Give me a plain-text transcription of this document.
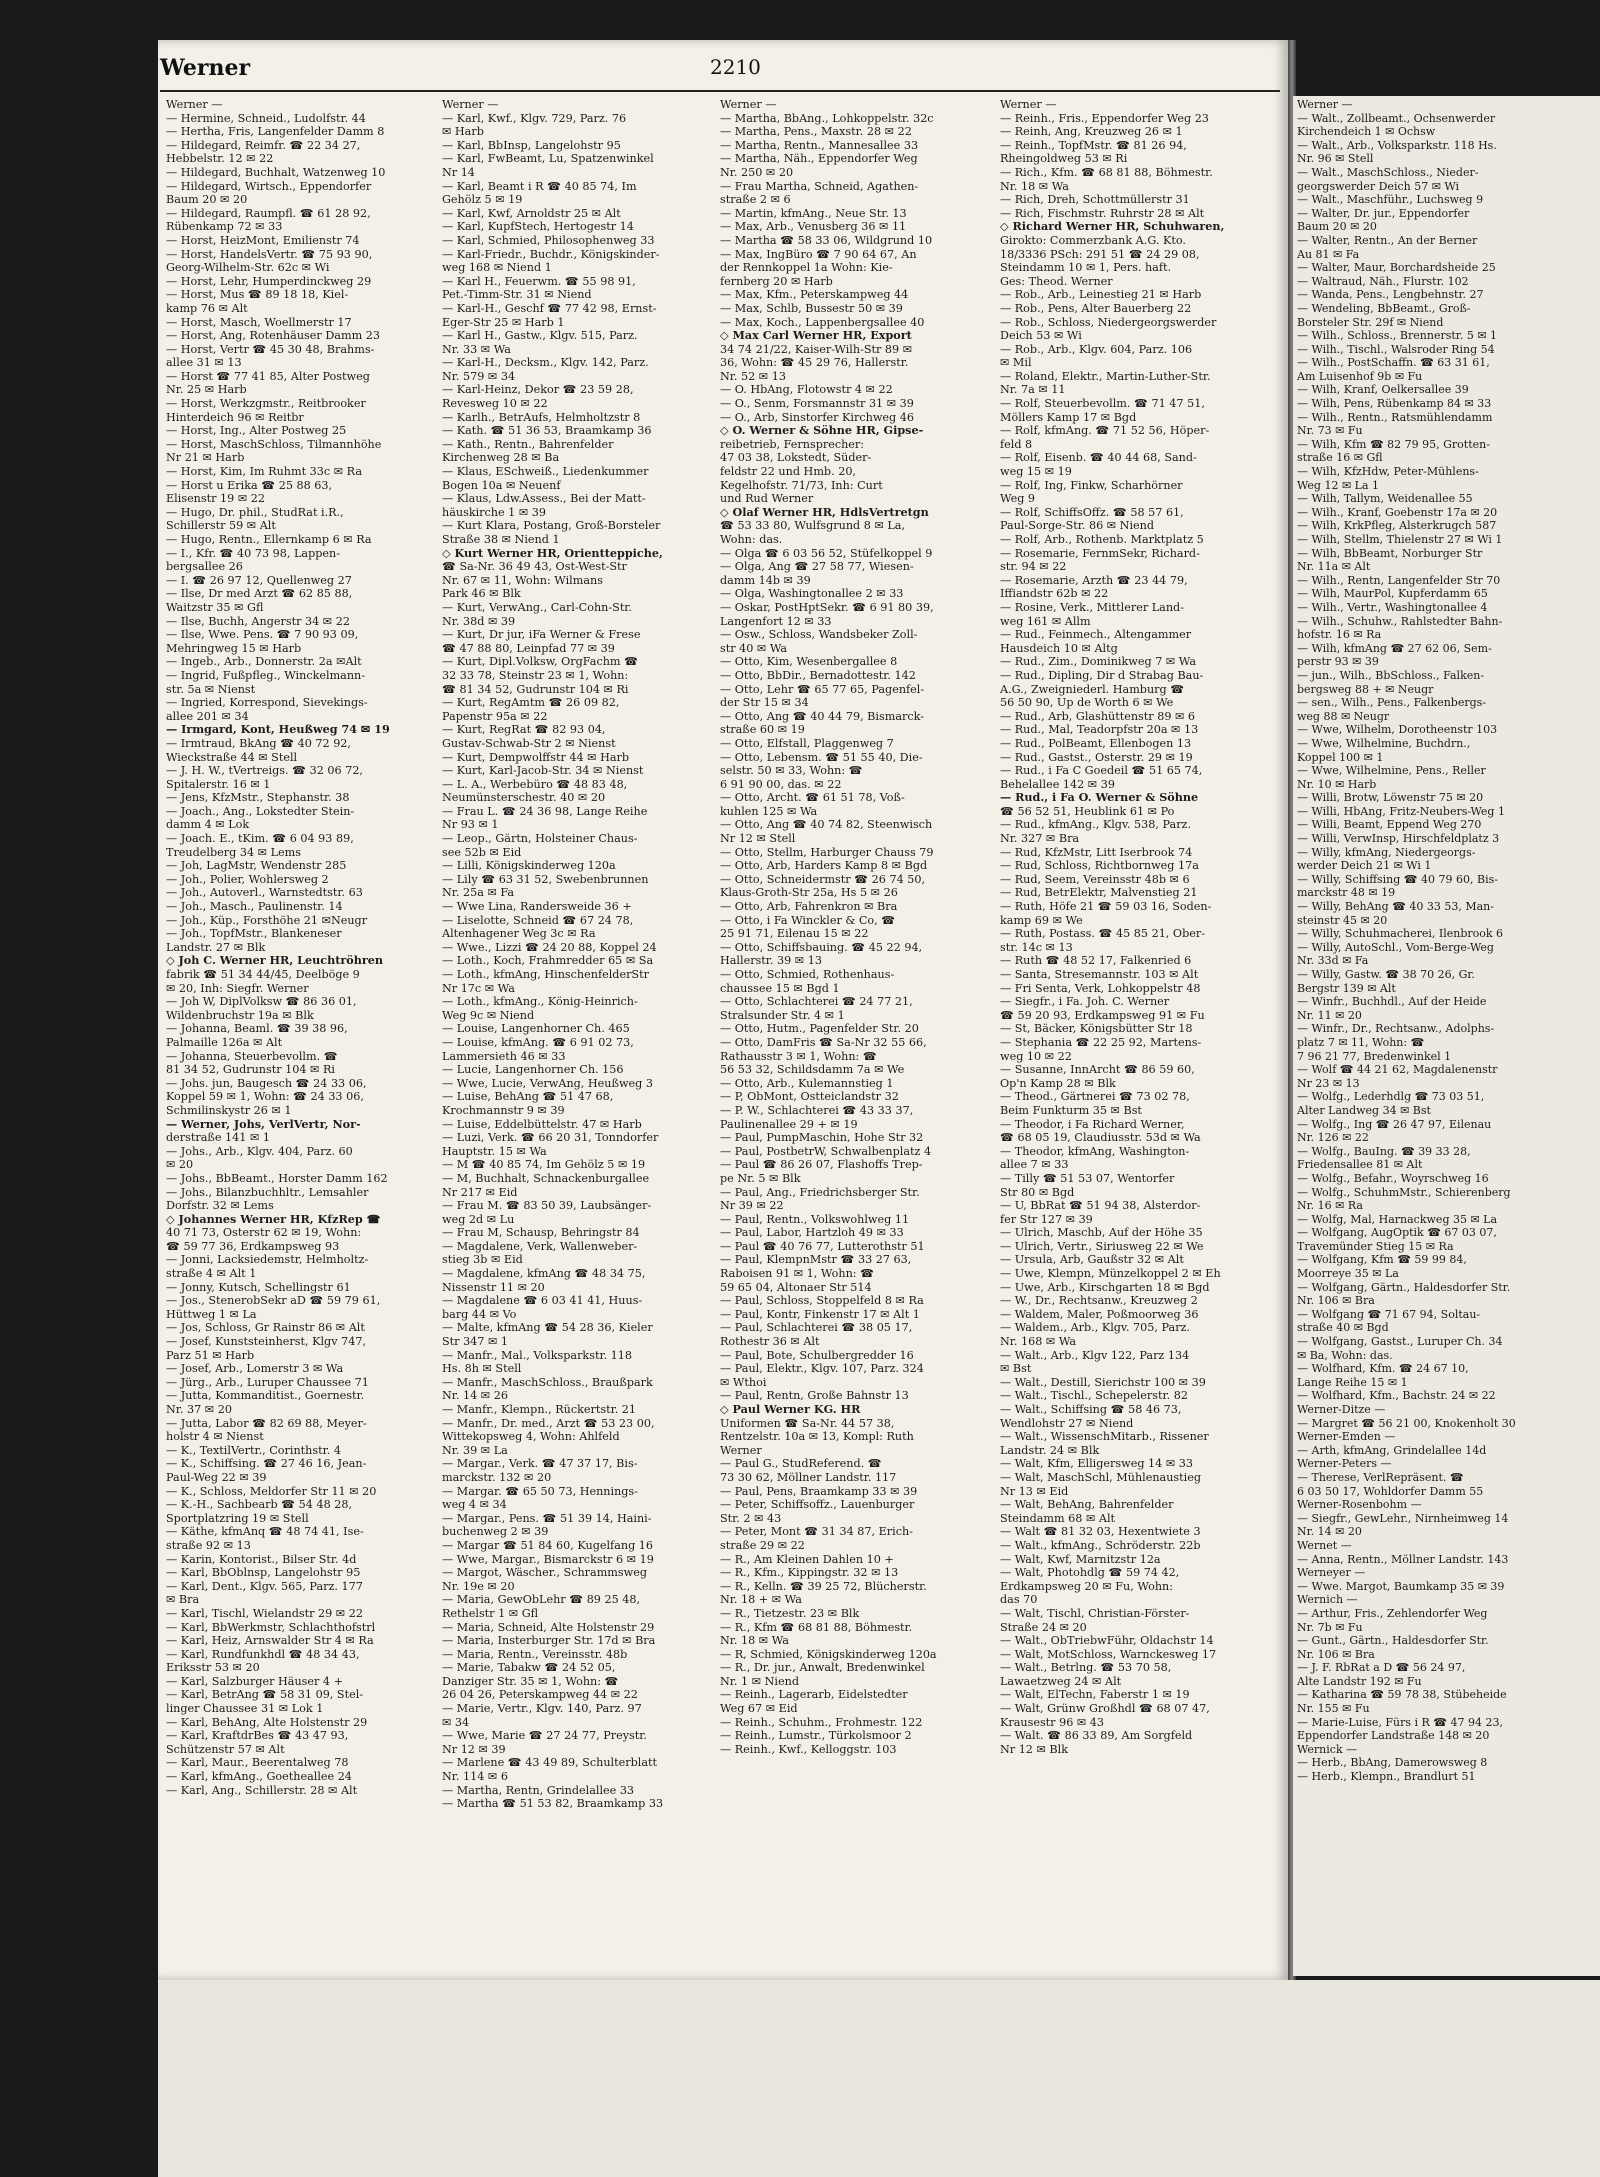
Werner	2210
Werner —
— Hermine, Schneid., Ludolfstr. 44
— Hertha, Fris, Langenfelder Damm 8
— Hildegard, Reimfr. ☎ 22 34 27,
Hebbelstr. 12 ✉ 22
— Hildegard, Buchhalt, Watzenweg 10
— Hildegard, Wirtsch., Eppendorfer
Baum 20 ✉ 20
— Hildegard, Raumpfl. ☎ 61 28 92,
Rübenkamp 72 ✉ 33
— Horst, HeizMont, Emilienstr 74
— Horst, HandelsVertr. ☎ 75 93 90,
Georg-Wilhelm-Str. 62c ✉ Wi
— Horst, Lehr, Humperdinckweg 29
— Horst, Mus ☎ 89 18 18, Kiel-
kamp 76 ✉ Alt
— Horst, Masch, Woellmerstr 17
— Horst, Ang, Rotenhäuser Damm 23
— Horst, Vertr ☎ 45 30 48, Brahms-
allee 31 ✉ 13
— Horst ☎ 77 41 85, Alter Postweg
Nr. 25 ✉ Harb
— Horst, Werkzgmstr., Reitbrooker
Hinterdeich 96 ✉ Reitbr
— Horst, Ing., Alter Postweg 25
— Horst, MaschSchloss, Tilmannhöhe
Nr 21 ✉ Harb
— Horst, Kim, Im Ruhmt 33c ✉ Ra
— Horst u Erika ☎ 25 88 63,
Elisenstr 19 ✉ 22
— Hugo, Dr. phil., StudRat i.R.,
Schillerstr 59 ✉ Alt
— Hugo, Rentn., Ellernkamp 6 ✉ Ra
— I., Kfr. ☎ 40 73 98, Lappen-
bergsallee 26
— I. ☎ 26 97 12, Quellenweg 27
— Ilse, Dr med Arzt ☎ 62 85 88,
Waitzstr 35 ✉ Gfl
— Ilse, Buchh, Angerstr 34 ✉ 22
— Ilse, Wwe. Pens. ☎ 7 90 93 09,
Mehringweg 15 ✉ Harb
— Ingeb., Arb., Donnerstr. 2a ✉Alt
— Ingrid, Fußpfleg., Winckelmann-
str. 5a ✉ Nienst
— Ingried, Korrespond, Sievekings-
allee 201 ✉ 34
— Irmgard, Kont, Heußweg 74 ✉ 19
— Irmtraud, BkAng ☎ 40 72 92,
Wieckstraße 44 ✉ Stell
— J. H. W., tVertreigs. ☎ 32 06 72,
Spitalerstr. 16 ✉ 1
— Jens, KfzMstr., Stephanstr. 38
— Joach., Ang., Lokstedter Stein-
damm 4 ✉ Lok
— Joach. E., tKim. ☎ 6 04 93 89,
Treudelberg 34 ✉ Lems
— Joh, LagMstr, Wendenstr 285
— Joh., Polier, Wohlersweg 2
— Joh., Autoverl., Warnstedtstr. 63
— Joh., Masch., Paulinenstr. 14
— Joh., Küp., Forsthöhe 21 ✉Neugr
— Joh., TopfMstr., Blankeneser
Landstr. 27 ✉ Blk
◇ Joh C. Werner HR, Leuchtröhren
fabrik ☎ 51 34 44/45, Deelböge 9
✉ 20, Inh: Siegfr. Werner
— Joh W, DiplVolksw ☎ 86 36 01,
Wildenbruchstr 19a ✉ Blk
— Johanna, Beaml. ☎ 39 38 96,
Palmaille 126a ✉ Alt
— Johanna, Steuerbevollm. ☎
81 34 52, Gudrunstr 104 ✉ Ri
— Johs. jun, Baugesch ☎ 24 33 06,
Koppel 59 ✉ 1, Wohn: ☎ 24 33 06,
Schmilinskystr 26 ✉ 1
— Werner, Johs, VerlVertr, Nor-
derstraße 141 ✉ 1
— Johs., Arb., Klgv. 404, Parz. 60
✉ 20
— Johs., BbBeamt., Horster Damm 162
— Johs., Bilanzbuchhltr., Lemsahler
Dorfstr. 32 ✉ Lems
◇ Johannes Werner HR, KfzRep ☎
40 71 73, Osterstr 62 ✉ 19, Wohn:
☎ 59 77 36, Erdkampsweg 93
— Jonni, Lacksiedemstr, Helmholtz-
straße 4 ✉ Alt 1
— Jonny, Kutsch, Schellingstr 61
— Jos., StenerobSekr aD ☎ 59 79 61,
Hüttweg 1 ✉ La
— Jos, Schloss, Gr Rainstr 86 ✉ Alt
— Josef, Kunststeinherst, Klgv 747,
Parz 51 ✉ Harb
— Josef, Arb., Lomerstr 3 ✉ Wa
— Jürg., Arb., Luruper Chaussee 71
— Jutta, Kommanditist., Goernestr.
Nr. 37 ✉ 20
— Jutta, Labor ☎ 82 69 88, Meyer-
holstr 4 ✉ Nienst
— K., TextilVertr., Corinthstr. 4
— K., Schiffsing. ☎ 27 46 16, Jean-
Paul-Weg 22 ✉ 39
— K., Schloss, Meldorfer Str 11 ✉ 20
— K.-H., Sachbearb ☎ 54 48 28,
Sportplatzring 19 ✉ Stell
— Käthe, kfmAnq ☎ 48 74 41, Ise-
straße 92 ✉ 13
— Karin, Kontorist., Bilser Str. 4d
— Karl, BbOblnsp, Langelohstr 95
— Karl, Dent., Klgv. 565, Parz. 177
✉ Bra
— Karl, Tischl, Wielandstr 29 ✉ 22
— Karl, BbWerkmstr, Schlachthofstrl
— Karl, Heiz, Arnswalder Str 4 ✉ Ra
— Karl, Rundfunkhdl ☎ 48 34 43,
Eriksstr 53 ✉ 20
— Karl, Salzburger Häuser 4 +
— Karl, BetrAng ☎ 58 31 09, Stel-
linger Chaussee 31 ✉ Lok 1
— Karl, BehAng, Alte Holstenstr 29
— Karl, KraftdrBes ☎ 43 47 93,
Schützenstr 57 ✉ Alt
— Karl, Maur., Beerentalweg 78
— Karl, kfmAng., Goetheallee 24
— Karl, Ang., Schillerstr. 28 ✉ Alt
Werner —
— Karl, Kwf., Klgv. 729, Parz. 76
✉ Harb
— Karl, BbInsp, Langelohstr 95
— Karl, FwBeamt, Lu, Spatzenwinkel
Nr 14
— Karl, Beamt i R ☎ 40 85 74, Im
Gehölz 5 ✉ 19
— Karl, Kwf, Arnoldstr 25 ✉ Alt
— Karl, KupfStech, Hertogestr 14
— Karl, Schmied, Philosophenweg 33
— Karl-Friedr., Buchdr., Königskinder-
weg 168 ✉ Niend 1
— Karl H., Feuerwm. ☎ 55 98 91,
Pet.-Timm-Str. 31 ✉ Niend
— Karl-H., Geschf ☎ 77 42 98, Ernst-
Eger-Str 25 ✉ Harb 1
— Karl H., Gastw., Klgv. 515, Parz.
Nr. 33 ✉ Wa
— Karl-H., Decksm., Klgv. 142, Parz.
Nr. 579 ✉ 34
— Karl-Heinz, Dekor ☎ 23 59 28,
Revesweg 10 ✉ 22
— Karlh., BetrAufs, Helmholtzstr 8
— Kath. ☎ 51 36 53, Braamkamp 36
— Kath., Rentn., Bahrenfelder
Kirchenweg 28 ✉ Ba
— Klaus, ESchweiß., Liedenkummer
Bogen 10a ✉ Neuenf
— Klaus, Ldw.Assess., Bei der Matt-
häuskirche 1 ✉ 39
— Kurt Klara, Postang, Groß-Borsteler
Straße 38 ✉ Niend 1
◇ Kurt Werner HR, Orientteppiche,
☎ Sa-Nr. 36 49 43, Ost-West-Str
Nr. 67 ✉ 11, Wohn: Wilmans
Park 46 ✉ Blk
— Kurt, VerwAng., Carl-Cohn-Str.
Nr. 38d ✉ 39
— Kurt, Dr jur, iFa Werner & Frese
☎ 47 88 80, Leinpfad 77 ✉ 39
— Kurt, Dipl.Volksw, OrgFachm ☎
32 33 78, Steinstr 23 ✉ 1, Wohn:
☎ 81 34 52, Gudrunstr 104 ✉ Ri
— Kurt, RegAmtm ☎ 26 09 82,
Papenstr 95a ✉ 22
— Kurt, RegRat ☎ 82 93 04,
Gustav-Schwab-Str 2 ✉ Nienst
— Kurt, Dempwolffstr 44 ✉ Harb
— Kurt, Karl-Jacob-Str. 34 ✉ Nienst
— L. A., Werbebüro ☎ 48 83 48,
Neumünsterschestr. 40 ✉ 20
— Frau L. ☎ 24 36 98, Lange Reihe
Nr 93 ✉ 1
— Leop., Gärtn, Holsteiner Chaus-
see 52b ✉ Eid
— Lilli, Königskinderweg 120a
— Lily ☎ 63 31 52, Swebenbrunnen
Nr. 25a ✉ Fa
— Wwe Lina, Randersweide 36 +
— Liselotte, Schneid ☎ 67 24 78,
Altenhagener Weg 3c ✉ Ra
— Wwe., Lizzi ☎ 24 20 88, Koppel 24
— Loth., Koch, Frahmredder 65 ✉ Sa
— Loth., kfmAng, HinschenfelderStr
Nr 17c ✉ Wa
— Loth., kfmAng., König-Heinrich-
Weg 9c ✉ Niend
— Louise, Langenhorner Ch. 465
— Louise, kfmAng. ☎ 6 91 02 73,
Lammersieth 46 ✉ 33
— Lucie, Langenhorner Ch. 156
— Wwe, Lucie, VerwAng, Heußweg 3
— Luise, BehAng ☎ 51 47 68,
Krochmannstr 9 ✉ 39
— Luise, Eddelbüttelstr. 47 ✉ Harb
— Luzi, Verk. ☎ 66 20 31, Tonndorfer
Hauptstr. 15 ✉ Wa
— M ☎ 40 85 74, Im Gehölz 5 ✉ 19
— M, Buchhalt, Schnackenburgallee
Nr 217 ✉ Eid
— Frau M. ☎ 83 50 39, Laubsänger-
weg 2d ✉ Lu
— Frau M, Schausp, Behringstr 84
— Magdalene, Verk, Wallenweber-
stieg 3b ✉ Eid
— Magdalene, kfmAng ☎ 48 34 75,
Nissenstr 11 ✉ 20
— Magdalene ☎ 6 03 41 41, Huus-
barg 44 ✉ Vo
— Malte, kfmAng ☎ 54 28 36, Kieler
Str 347 ✉ 1
— Manfr., Mal., Volksparkstr. 118
Hs. 8h ✉ Stell
— Manfr., MaschSchloss., Braußpark
Nr. 14 ✉ 26
— Manfr., Klempn., Rückertstr. 21
— Manfr., Dr. med., Arzt ☎ 53 23 00,
Wittekopsweg 4, Wohn: Ahlfeld
Nr. 39 ✉ La
— Margar., Verk. ☎ 47 37 17, Bis-
marckstr. 132 ✉ 20
— Margar. ☎ 65 50 73, Hennings-
weg 4 ✉ 34
— Margar., Pens. ☎ 51 39 14, Haini-
buchenweg 2 ✉ 39
— Margar ☎ 51 84 60, Kugelfang 16
— Wwe, Margar., Bismarckstr 6 ✉ 19
— Margot, Wäscher., Schrammsweg
Nr. 19e ✉ 20
— Maria, GewObLehr ☎ 89 25 48,
Rethelstr 1 ✉ Gfl
— Maria, Schneid, Alte Holstenstr 29
— Maria, Insterburger Str. 17d ✉ Bra
— Maria, Rentn., Vereinsstr. 48b
— Marie, Tabakw ☎ 24 52 05,
Danziger Str. 35 ✉ 1, Wohn: ☎
26 04 26, Peterskampweg 44 ✉ 22
— Marie, Vertr., Klgv. 140, Parz. 97
✉ 34
— Wwe, Marie ☎ 27 24 77, Preystr.
Nr 12 ✉ 39
— Marlene ☎ 43 49 89, Schulterblatt
Nr. 114 ✉ 6
— Martha, Rentn, Grindelallee 33
— Martha ☎ 51 53 82, Braamkamp 33
Werner —
— Martha, BbAng., Lohkoppelstr. 32c
— Martha, Pens., Maxstr. 28 ✉ 22
— Martha, Rentn., Mannesallee 33
— Martha, Näh., Eppendorfer Weg
Nr. 250 ✉ 20
— Frau Martha, Schneid, Agathen-
straße 2 ✉ 6
— Martin, kfmAng., Neue Str. 13
— Max, Arb., Venusberg 36 ✉ 11
— Martha ☎ 58 33 06, Wildgrund 10
— Max, IngBüro ☎ 7 90 64 67, An
der Rennkoppel 1a Wohn: Kie-
fernberg 20 ✉ Harb
— Max, Kfm., Peterskampweg 44
— Max, Schlb, Bussestr 50 ✉ 39
— Max, Koch., Lappenbergsallee 40
◇ Max Carl Werner HR, Export
34 74 21/22, Kaiser-Wilh-Str 89 ✉
36, Wohn: ☎ 45 29 76, Hallerstr.
Nr. 52 ✉ 13
— O. HbAng, Flotowstr 4 ✉ 22
— O., Senm, Forsmannstr 31 ✉ 39
— O., Arb, Sinstorfer Kirchweg 46
◇ O. Werner & Söhne HR, Gipse-
reibetrieb, Fernsprecher:
47 03 38, Lokstedt, Süder-
feldstr 22 und Hmb. 20,
Kegelhofstr. 71/73, Inh: Curt
und Rud Werner
◇ Olaf Werner HR, HdlsVertretgn
☎ 53 33 80, Wulfsgrund 8 ✉ La,
Wohn: das.
— Olga ☎ 6 03 56 52, Stüfelkoppel 9
— Olga, Ang ☎ 27 58 77, Wiesen-
damm 14b ✉ 39
— Olga, Washingtonallee 2 ✉ 33
— Oskar, PostHptSekr. ☎ 6 91 80 39,
Langenfort 12 ✉ 33
— Osw., Schloss, Wandsbeker Zoll-
str 40 ✉ Wa
— Otto, Kim, Wesenbergallee 8
— Otto, BbDir., Bernadottestr. 142
— Otto, Lehr ☎ 65 77 65, Pagenfel-
der Str 15 ✉ 34
— Otto, Ang ☎ 40 44 79, Bismarck-
straße 60 ✉ 19
— Otto, Elfstall, Plaggenweg 7
— Otto, Lebensm. ☎ 51 55 40, Die-
selstr. 50 ✉ 33, Wohn: ☎
6 91 90 00, das. ✉ 22
— Otto, Archt. ☎ 61 51 78, Voß-
kuhlen 125 ✉ Wa
— Otto, Ang ☎ 40 74 82, Steenwisch
Nr 12 ✉ Stell
— Otto, Stellm, Harburger Chauss 79
— Otto, Arb, Harders Kamp 8 ✉ Bgd
— Otto, Schneidermstr ☎ 26 74 50,
Klaus-Groth-Str 25a, Hs 5 ✉ 26
— Otto, Arb, Fahrenkron ✉ Bra
— Otto, i Fa Winckler & Co, ☎
25 91 71, Eilenau 15 ✉ 22
— Otto, Schiffsbauing. ☎ 45 22 94,
Hallerstr. 39 ✉ 13
— Otto, Schmied, Rothenhaus-
chaussee 15 ✉ Bgd 1
— Otto, Schlachterei ☎ 24 77 21,
Stralsunder Str. 4 ✉ 1
— Otto, Hutm., Pagenfelder Str. 20
— Otto, DamFris ☎ Sa-Nr 32 55 66,
Rathausstr 3 ✉ 1, Wohn: ☎
56 53 32, Schildsdamm 7a ✉ We
— Otto, Arb., Kulemannstieg 1
— P, ObMont, Ostteiclandstr 32
— P. W., Schlachterei ☎ 43 33 37,
Paulinenallee 29 + ✉ 19
— Paul, PumpMaschin, Hohe Str 32
— Paul, PostbetrW, Schwalbenplatz 4
— Paul ☎ 86 26 07, Flashoffs Trep-
pe Nr. 5 ✉ Blk
— Paul, Ang., Friedrichsberger Str.
Nr 39 ✉ 22
— Paul, Rentn., Volkswohlweg 11
— Paul, Labor, Hartzloh 49 ✉ 33
— Paul ☎ 40 76 77, Lutterothstr 51
— Paul, KlempnMstr ☎ 33 27 63,
Raboisen 91 ✉ 1, Wohn: ☎
59 65 04, Altonaer Str 514
— Paul, Schloss, Stoppelfeld 8 ✉ Ra
— Paul, Kontr, Finkenstr 17 ✉ Alt 1
— Paul, Schlachterei ☎ 38 05 17,
Rothestr 36 ✉ Alt
— Paul, Bote, Schulbergredder 16
— Paul, Elektr., Klgv. 107, Parz. 324
✉ Wthoi
— Paul, Rentn, Große Bahnstr 13
◇ Paul Werner KG. HR
Uniformen ☎ Sa-Nr. 44 57 38,
Rentzelstr. 10a ✉ 13, Kompl: Ruth
Werner
— Paul G., StudReferend. ☎
73 30 62, Möllner Landstr. 117
— Paul, Pens, Braamkamp 33 ✉ 39
— Peter, Schiffsoffz., Lauenburger
Str. 2 ✉ 43
— Peter, Mont ☎ 31 34 87, Erich-
straße 29 ✉ 22
— R., Am Kleinen Dahlen 10 +
— R., Kfm., Kippingstr. 32 ✉ 13
— R., Kelln. ☎ 39 25 72, Blücherstr.
Nr. 18 + ✉ Wa
— R., Tietzestr. 23 ✉ Blk
— R., Kfm ☎ 68 81 88, Böhmestr.
Nr. 18 ✉ Wa
— R, Schmied, Königskinderweg 120a
— R., Dr. jur., Anwalt, Bredenwinkel
Nr. 1 ✉ Niend
— Reinh., Lagerarb, Eidelstedter
Weg 67 ✉ Eid
— Reinh., Schuhm., Frohmestr. 122
— Reinh., Lumstr., Türkolsmoor 2
— Reinh., Kwf., Kelloggstr. 103
Werner —
— Reinh., Fris., Eppendorfer Weg 23
— Reinh, Ang, Kreuzweg 26 ✉ 1
— Reinh., TopfMstr. ☎ 81 26 94,
Rheingoldweg 53 ✉ Ri
— Rich., Kfm. ☎ 68 81 88, Böhmestr.
Nr. 18 ✉ Wa
— Rich, Dreh, Schottmüllerstr 31
— Rich, Fischmstr. Ruhrstr 28 ✉ Alt
◇ Richard Werner HR, Schuhwaren,
Girokto: Commerzbank A.G. Kto.
18/3336 PSch: 291 51 ☎ 24 29 08,
Steindamm 10 ✉ 1, Pers. haft.
Ges: Theod. Werner
— Rob., Arb., Leinestieg 21 ✉ Harb
— Rob., Pens, Alter Bauerberg 22
— Rob., Schloss, Niedergeorgswerder
Deich 53 ✉ Wi
— Rob., Arb., Klgv. 604, Parz. 106
✉ Mil
— Roland, Elektr., Martin-Luther-Str.
Nr. 7a ✉ 11
— Rolf, Steuerbevollm. ☎ 71 47 51,
Möllers Kamp 17 ✉ Bgd
— Rolf, kfmAng. ☎ 71 52 56, Höper-
feld 8
— Rolf, Eisenb. ☎ 40 44 68, Sand-
weg 15 ✉ 19
— Rolf, Ing, Finkw, Scharhörner
Weg 9
— Rolf, SchiffsOffz. ☎ 58 57 61,
Paul-Sorge-Str. 86 ✉ Niend
— Rolf, Arb., Rothenb. Marktplatz 5
— Rosemarie, FernmSekr, Richard-
str. 94 ✉ 22
— Rosemarie, Arzth ☎ 23 44 79,
Iffiandstr 62b ✉ 22
— Rosine, Verk., Mittlerer Land-
weg 161 ✉ Allm
— Rud., Feinmech., Altengammer
Hausdeich 10 ✉ Altg
— Rud., Zim., Dominikweg 7 ✉ Wa
— Rud., Dipling, Dir d Strabag Bau-
A.G., Zweigniederl. Hamburg ☎
56 50 90, Up de Worth 6 ✉ We
— Rud., Arb, Glashüttenstr 89 ✉ 6
— Rud., Mal, Teadorpfstr 20a ✉ 13
— Rud., PolBeamt, Ellenbogen 13
— Rud., Gastst., Osterstr. 29 ✉ 19
— Rud., i Fa C Goedeil ☎ 51 65 74,
Behelallee 142 ✉ 39
— Rud., i Fa O. Werner & Söhne
☎ 56 52 51, Heublink 61 ✉ Po
— Rud., kfmAng., Klgv. 538, Parz.
Nr. 327 ✉ Bra
— Rud, KfzMstr, Litt Iserbrook 74
— Rud, Schloss, Richtbornweg 17a
— Rud, Seem, Vereinsstr 48b ✉ 6
— Rud, BetrElektr, Malvenstieg 21
— Ruth, Höfe 21 ☎ 59 03 16, Soden-
kamp 69 ✉ We
— Ruth, Postass. ☎ 45 85 21, Ober-
str. 14c ✉ 13
— Ruth ☎ 48 52 17, Falkenried 6
— Santa, Stresemannstr. 103 ✉ Alt
— Fri Senta, Verk, Lohkoppelstr 48
— Siegfr., i Fa. Joh. C. Werner
☎ 59 20 93, Erdkampsweg 91 ✉ Fu
— St, Bäcker, Königsbütter Str 18
— Stephania ☎ 22 25 92, Martens-
weg 10 ✉ 22
— Susanne, InnArcht ☎ 86 59 60,
Op'n Kamp 28 ✉ Blk
— Theod., Gärtnerei ☎ 73 02 78,
Beim Funkturm 35 ✉ Bst
— Theodor, i Fa Richard Werner,
☎ 68 05 19, Claudiusstr. 53d ✉ Wa
— Theodor, kfmAng, Washington-
allee 7 ✉ 33
— Tilly ☎ 51 53 07, Wentorfer
Str 80 ✉ Bgd
— U, BbRat ☎ 51 94 38, Alsterdor-
fer Str 127 ✉ 39
— Ulrich, Maschb, Auf der Höhe 35
— Ulrich, Vertr., Siriusweg 22 ✉ We
— Ursula, Arb, Gaußstr 32 ✉ Alt
— Uwe, Klempn, Münzelkoppel 2 ✉ Eh
— Uwe, Arb., Kirschgarten 18 ✉ Bgd
— W., Dr., Rechtsanw., Kreuzweg 2
— Waldem, Maler, Poßmoorweg 36
— Waldem., Arb., Klgv. 705, Parz.
Nr. 168 ✉ Wa
— Walt., Arb., Klgv 122, Parz 134
✉ Bst
— Walt., Destill, Sierichstr 100 ✉ 39
— Walt., Tischl., Schepelerstr. 82
— Walt., Schiffsing ☎ 58 46 73,
Wendlohstr 27 ✉ Niend
— Walt., WissenschMitarb., Rissener
Landstr. 24 ✉ Blk
— Walt, Kfm, Elligersweg 14 ✉ 33
— Walt, MaschSchl, Mühlenaustieg
Nr 13 ✉ Eid
— Walt, BehAng, Bahrenfelder
Steindamm 68 ✉ Alt
— Walt ☎ 81 32 03, Hexentwiete 3
— Walt., kfmAng., Schröderstr. 22b
— Walt, Kwf, Marnitzstr 12a
— Walt, Photohdlg ☎ 59 74 42,
Erdkampsweg 20 ✉ Fu, Wohn:
das 70
— Walt, Tischl, Christian-Förster-
Straße 24 ✉ 20
— Walt., ObTriebwFühr, Oldachstr 14
— Walt, MotSchloss, Warnckesweg 17
— Walt., Betrlng. ☎ 53 70 58,
Lawaetzweg 24 ✉ Alt
— Walt, ElTechn, Faberstr 1 ✉ 19
— Walt, Grünw Großhdl ☎ 68 07 47,
Krausestr 96 ✉ 43
— Walt. ☎ 86 33 89, Am Sorgfeld
Nr 12 ✉ Blk
Werner —
— Walt., Zollbeamt., Ochsenwerder
Kirchendeich 1 ✉ Ochsw
— Walt., Arb., Volksparkstr. 118 Hs.
Nr. 96 ✉ Stell
— Walt., MaschSchloss., Nieder-
georgswerder Deich 57 ✉ Wi
— Walt., Maschführ., Luchsweg 9
— Walter, Dr. jur., Eppendorfer
Baum 20 ✉ 20
— Walter, Rentn., An der Berner
Au 81 ✉ Fa
— Walter, Maur, Borchardsheide 25
— Waltraud, Näh., Flurstr. 102
— Wanda, Pens., Lengbehnstr. 27
— Wendeling, BbBeamt., Groß-
Borsteler Str. 29f ✉ Niend
— Wilh., Schloss., Brennerstr. 5 ✉ 1
— Wilh., Tischl., Walsroder Ring 54
— Wilh., PostSchaffn. ☎ 63 31 61,
Am Luisenhof 9b ✉ Fu
— Wilh, Kranf, Oelkersallee 39
— Wilh, Pens, Rübenkamp 84 ✉ 33
— Wilh., Rentn., Ratsmühlendamm
Nr. 73 ✉ Fu
— Wilh, Kfm ☎ 82 79 95, Grotten-
straße 16 ✉ Gfl
— Wilh, KfzHdw, Peter-Mühlens-
Weg 12 ✉ La 1
— Wilh, Tallym, Weidenallee 55
— Wilh., Kranf, Goebenstr 17a ✉ 20
— Wilh, KrkPfleg, Alsterkrugch 587
— Wilh, Stellm, Thielenstr 27 ✉ Wi 1
— Wilh, BbBeamt, Norburger Str
Nr. 11a ✉ Alt
— Wilh., Rentn, Langenfelder Str 70
— Wilh, MaurPol, Kupferdamm 65
— Wilh., Vertr., Washingtonallee 4
— Wilh., Schuhw., Rahlstedter Bahn-
hofstr. 16 ✉ Ra
— Wilh, kfmAng ☎ 27 62 06, Sem-
perstr 93 ✉ 39
— jun., Wilh., BbSchloss., Falken-
bergsweg 88 + ✉ Neugr
— sen., Wilh., Pens., Falkenbergs-
weg 88 ✉ Neugr
— Wwe, Wilhelm, Dorotheenstr 103
— Wwe, Wilhelmine, Buchdrn.,
Koppel 100 ✉ 1
— Wwe, Wilhelmine, Pens., Reller
Nr. 10 ✉ Harb
— Willi, Brotw, Löwenstr 75 ✉ 20
— Willi, HbAng, Fritz-Neubers-Weg 1
— Willi, Beamt, Eppend Weg 270
— Willi, VerwInsp, Hirschfeldplatz 3
— Willy, kfmAng, Niedergeorgs-
werder Deich 21 ✉ Wi 1
— Willy, Schiffsing ☎ 40 79 60, Bis-
marckstr 48 ✉ 19
— Willy, BehAng ☎ 40 33 53, Man-
steinstr 45 ✉ 20
— Willy, Schuhmacherei, Ilenbrook 6
— Willy, AutoSchl., Vom-Berge-Weg
Nr. 33d ✉ Fa
— Willy, Gastw. ☎ 38 70 26, Gr.
Bergstr 139 ✉ Alt
— Winfr., Buchhdl., Auf der Heide
Nr. 11 ✉ 20
— Winfr., Dr., Rechtsanw., Adolphs-
platz 7 ✉ 11, Wohn: ☎
7 96 21 77, Bredenwinkel 1
— Wolf ☎ 44 21 62, Magdalenenstr
Nr 23 ✉ 13
— Wolfg., Lederhdlg ☎ 73 03 51,
Alter Landweg 34 ✉ Bst
— Wolfg., Ing ☎ 26 47 97, Eilenau
Nr. 126 ✉ 22
— Wolfg., BauIng. ☎ 39 33 28,
Friedensallee 81 ✉ Alt
— Wolfg., Befahr., Woyrschweg 16
— Wolfg., SchuhmMstr., Schierenberg
Nr. 16 ✉ Ra
— Wolfg, Mal, Harnackweg 35 ✉ La
— Wolfgang, AugOptik ☎ 67 03 07,
Travemünder Stieg 15 ✉ Ra
— Wolfgang, Kfm ☎ 59 99 84,
Moorreye 35 ✉ La
— Wolfgang, Gärtn., Haldesdorfer Str.
Nr. 106 ✉ Bra
— Wolfgang ☎ 71 67 94, Soltau-
straße 40 ✉ Bgd
— Wolfgang, Gastst., Luruper Ch. 34
✉ Ba, Wohn: das.
— Wolfhard, Kfm. ☎ 24 67 10,
Lange Reihe 15 ✉ 1
— Wolfhard, Kfm., Bachstr. 24 ✉ 22
Werner-Ditze —
— Margret ☎ 56 21 00, Knokenholt 30
Werner-Emden —
— Arth, kfmAng, Grindelallee 14d
Werner-Peters —
— Therese, VerlRepräsent. ☎
6 03 50 17, Wohldorfer Damm 55
Werner-Rosenbohm —
— Siegfr., GewLehr., Nirnheimweg 14
Nr. 14 ✉ 20
Wernet —
— Anna, Rentn., Möllner Landstr. 143
Werneyer —
— Wwe. Margot, Baumkamp 35 ✉ 39
Wernich —
— Arthur, Fris., Zehlendorfer Weg
Nr. 7b ✉ Fu
— Gunt., Gärtn., Haldesdorfer Str.
Nr. 106 ✉ Bra
— J. F. RbRat a D ☎ 56 24 97,
Alte Landstr 192 ✉ Fu
— Katharina ☎ 59 78 38, Stübeheide
Nr. 155 ✉ Fu
— Marie-Luise, Fürs i R ☎ 47 94 23,
Eppendorfer Landstraße 148 ✉ 20
Wernick —
— Herb., BbAng, Damerowsweg 8
— Herb., Klempn., Brandlurt 51
